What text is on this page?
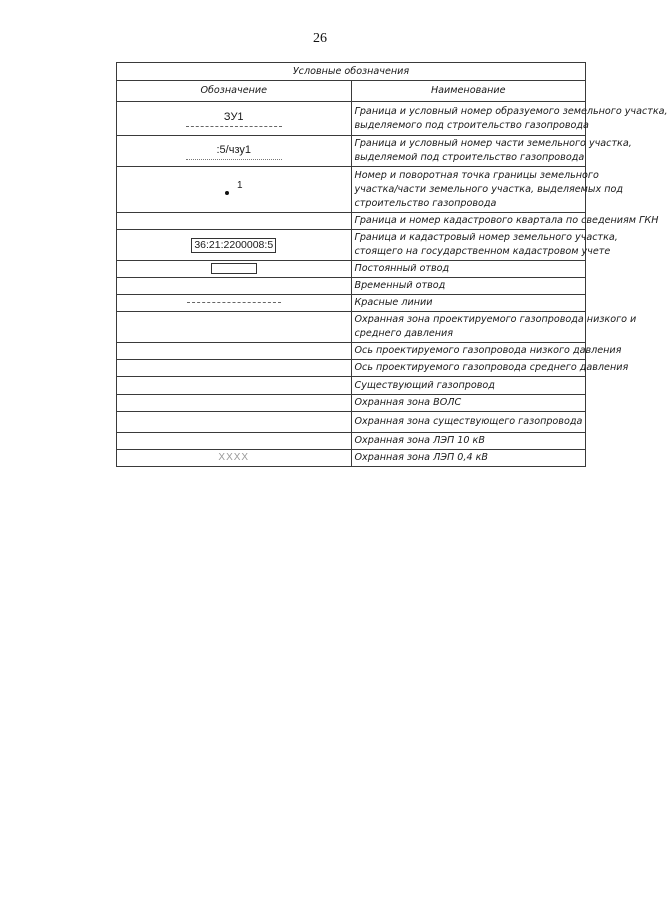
26
Условные обозначения	
Обозначение	Наименование
ЗУ1	Граница и условный номер образуемого земельного участка,
выделяемого под строительство газопровода

:5/чзу1	Граница и условный номер части земельного участка,
выделяемой под строительство газопровода

1	Номер и поворотная точка границы земельного
участка/части земельного участка, выделяемых под
строительство газопровода

	Граница и номер кадастрового квартала по сведениям ГКН

36:21:2200008:5	Граница и кадастровый номер земельного участка,
стоящего на государственном кадастровом учете

	Постоянный отвод

	Временный отвод

	Красные линии

	Охранная зона проектируемого газопровода низкого и
среднего давления

	Ось проектируемого газопровода низкого давления

	Ось проектируемого газопровода среднего давления

	Существующий газопровод

	Охранная зона ВОЛС

	Охранная зона существующего газопровода

	Охранная зона ЛЭП 10 кВ

XXXX	Охранная зона ЛЭП 0,4 кВ
